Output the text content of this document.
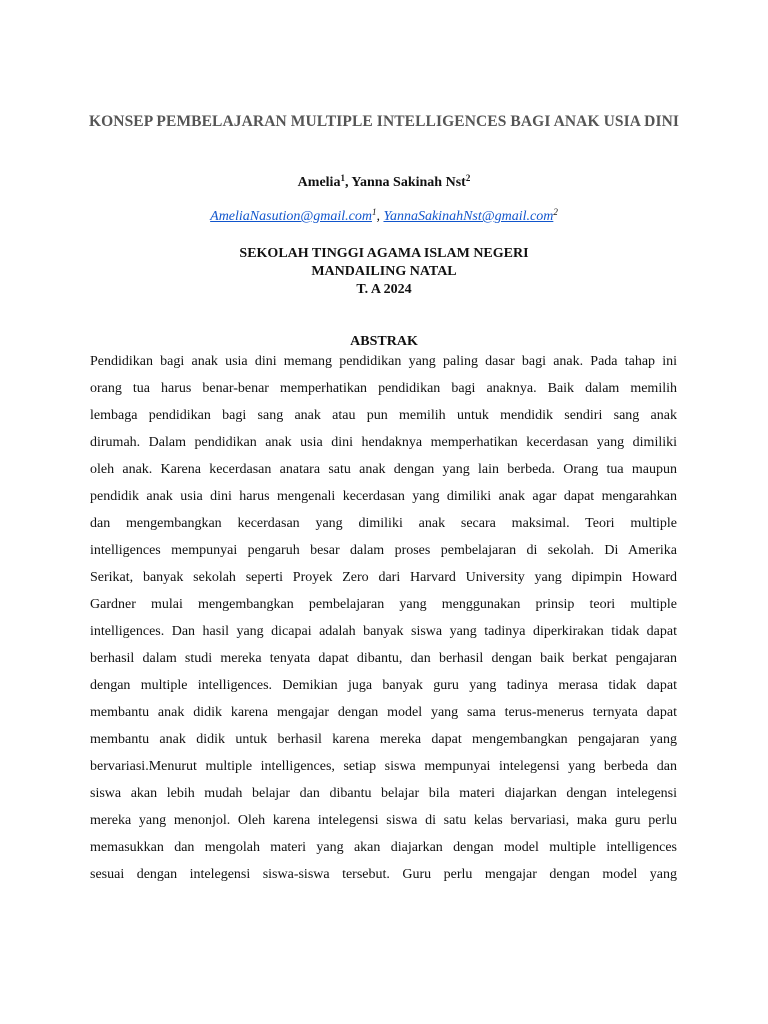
KONSEP PEMBELAJARAN MULTIPLE INTELLIGENCES BAGI ANAK USIA DINI
Amelia$^1$, Yanna Sakinah Nst$^2$
AmeliaNasution@gmail.com$^1$, YannaSakinahNst@gmail.com$^2$
SEKOLAH TINGGI AGAMA ISLAM NEGERI
MANDAILING NATAL
T. A 2024
ABSTRAK
Pendidikan bagi anak usia dini memang pendidikan yang paling dasar bagi anak. Pada tahap ini
orang tua harus benar-benar memperhatikan pendidikan bagi anaknya. Baik dalam memilih
lembaga pendidikan bagi sang anak atau pun memilih untuk mendidik sendiri sang anak
dirumah. Dalam pendidikan anak usia dini hendaknya memperhatikan kecerdasan yang dimiliki
oleh anak. Karena kecerdasan anatara satu anak dengan yang lain berbeda. Orang tua maupun
pendidik anak usia dini harus mengenali kecerdasan yang dimiliki anak agar dapat mengarahkan
dan mengembangkan kecerdasan yang dimiliki anak secara maksimal. Teori multiple
intelligences mempunyai pengaruh besar dalam proses pembelajaran di sekolah. Di Amerika
Serikat, banyak sekolah seperti Proyek Zero dari Harvard University yang dipimpin Howard
Gardner mulai mengembangkan pembelajaran yang menggunakan prinsip teori multiple
intelligences. Dan hasil yang dicapai adalah banyak siswa yang tadinya diperkirakan tidak dapat
berhasil dalam studi mereka tenyata dapat dibantu, dan berhasil dengan baik berkat pengajaran
dengan multiple intelligences. Demikian juga banyak guru yang tadinya merasa tidak dapat
membantu anak didik karena mengajar dengan model yang sama terus-menerus ternyata dapat
membantu anak didik untuk berhasil karena mereka dapat mengembangkan pengajaran yang
bervariasi.Menurut multiple intelligences, setiap siswa mempunyai intelegensi yang berbeda dan
siswa akan lebih mudah belajar dan dibantu belajar bila materi diajarkan dengan intelegensi
mereka yang menonjol. Oleh karena intelegensi siswa di satu kelas bervariasi, maka guru perlu
memasukkan dan mengolah materi yang akan diajarkan dengan model multiple intelligences
sesuai dengan intelegensi siswa-siswa tersebut. Guru perlu mengajar dengan model yang
